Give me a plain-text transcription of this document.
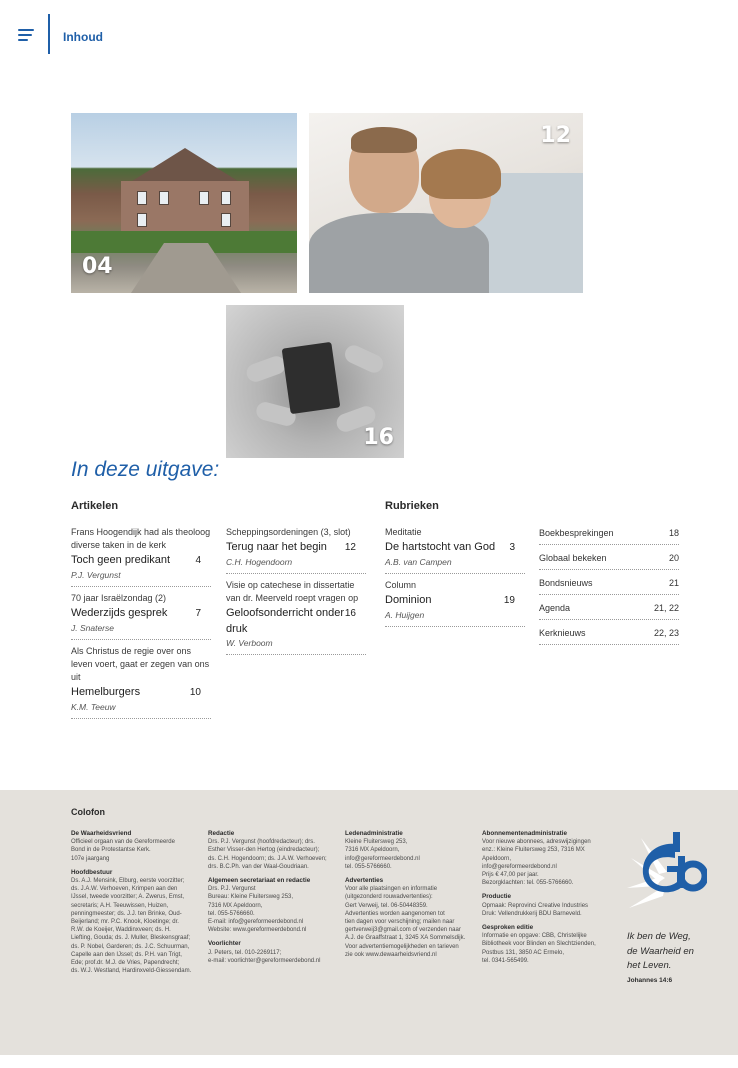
Inhoud
04
12
16
In deze uitgave:
Artikelen	Rubrieken
Frans Hoogendijk had als theoloog diverse taken in de kerk
Toch geen predikant	4
P.J. Vergunst
70 jaar Israëlzondag (2)
Wederzijds gesprek	7
J. Snaterse
Als Christus de regie over ons leven voert, gaat er zegen van ons uit
Hemelburgers	10
K.M. Teeuw
Scheppingsordeningen (3, slot)
Terug naar het begin 12
C.H. Hogendoorn
Visie op catechese in dissertatie van dr. Meerveld roept vragen op
Geloofsonderricht onder druk
16
W. Verboom
Meditatie
De hartstocht van God 3
A.B. van Campen
Column
Dominion	19
A. Huijgen
Boekbesprekingen	18
Globaal bekeken	20
Bondsnieuws	21
Agenda	21, 22
Kerknieuws	22, 23
Colofon
De Waarheidsvriend
Officieel orgaan van de Gereformeerde
Bond in de Protestantse Kerk.
107e jaargang
Hoofdbestuur
Ds. A.J. Mensink, Elburg, eerste voorzitter;
ds. J.A.W. Verhoeven, Krimpen aan den
IJssel, tweede voorzitter; A. Zwerus, Emst,
secretaris; A.H. Teeuwissen, Huizen,
penningmeester; ds. J.J. ten Brinke, Oud-
Beijerland; mr. P.C. Knook, Kloetinge; dr.
R.W. de Koeijer, Waddinxveen; ds. H.
Liefting, Gouda; ds. J. Muller, Bleskensgraaf;
ds. P. Nobel, Garderen; ds. J.C. Schuurman,
Capelle aan den IJssel; ds. P.H. van Trigt,
Ede; prof.dr. M.J. de Vries, Papendrecht;
ds. W.J. Westland, Hardinxveld-Giessendam.
Redactie
Drs. P.J. Vergunst (hoofdredacteur); drs.
Esther Visser-den Hertog (eindredacteur);
ds. C.H. Hogendoorn; ds. J.A.W. Verhoeven;
drs. B.C.Ph. van der Waal-Goudriaan.
Algemeen secretariaat en redactie
Drs. P.J. Vergunst
Bureau: Kleine Fluitersweg 253,
7316 MX Apeldoorn,
tel. 055-5766660.
E-mail: info@gereformeerdebond.nl
Website: www.gereformeerdebond.nl
Voorlichter
J. Peters, tel. 010-2269117;
e-mail: voorlichter@gereformeerdebond.nl
Ledenadministratie
Kleine Fluitersweg 253,
7316 MX Apeldoorn,
info@gereformeerdebond.nl
tel. 055-5766660.
Advertenties
Voor alle plaatsingen en informatie
(uitgezonderd rouwadvertenties):
Gert Verweij, tel. 06-50448359.
Advertenties worden aangenomen tot
tien dagen voor verschijning; mailen naar
gertverweij3@gmail.com of verzenden naar
A.J. de Graaffstraat 1, 3245 XA Sommelsdijk.
Voor advertentiemogelijkheden en tarieven
zie ook www.dewaarheidsvriend.nl
Abonnementenadministratie
Voor nieuwe abonnees, adreswijzigingen
enz.: Kleine Fluitersweg 253, 7316 MX
Apeldoorn,
info@gereformeerdebond.nl
Prijs € 47,00 per jaar.
Bezorgklachten: tel. 055-5766660.
Productie
Opmaak: Reprovinci Creative Industries
Druk: Vellendrukkerij BDU Barneveld.
Gesproken editie
Informatie en opgave: CBB, Christelijke
Bibliotheek voor Blinden en Slechtzienden,
Postbus 131, 3850 AC Ermelo,
tel. 0341-565499.
Ik ben de Weg,
de Waarheid en
het Leven.
Johannes 14:6
